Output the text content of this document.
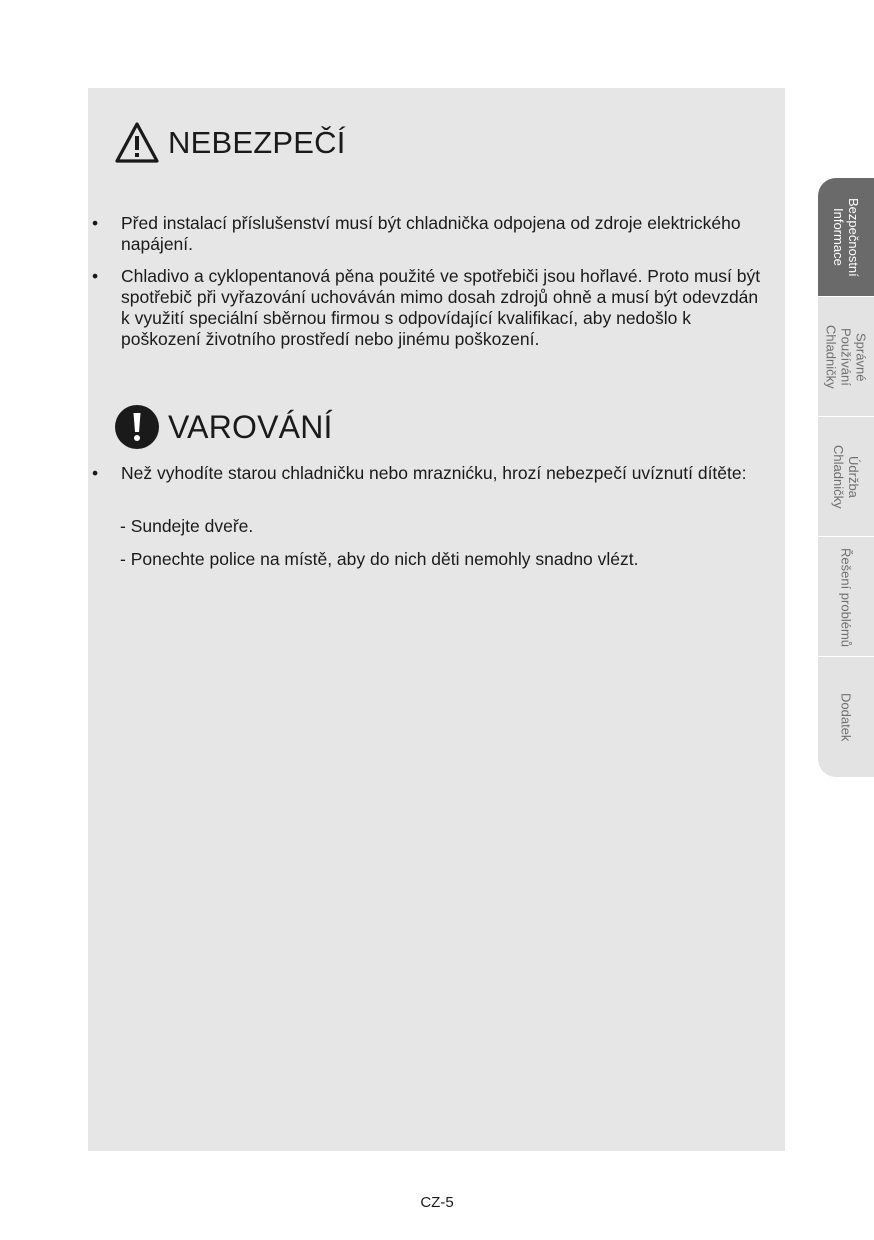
NEBEZPEČÍ
• Před instalací příslušenství musí být chladnička odpojena od zdroje elektrického napájení.
• Chladivo a cyklopentanová pěna použité ve spotřebiči jsou hořlavé. Proto musí být spotřebič při vyřazování uchováván mimo dosah zdrojů ohně a musí být odevzdán k využití speciální sběrnou firmou s odpovídající kvalifikací, aby nedošlo k poškození životního prostředí nebo jinému poškození.
VAROVÁNÍ
• Než vyhodíte starou chladničku nebo mraznićku, hrozí nebezpečí uvíznutí dítěte:
- Sundejte dveře.
- Ponechte police na místě, aby do nich děti nemohly snadno vlézt.
Bezpečnostní
Informace
Správné
Používání
Chladničky
Údržba
Chladničky
Řešení problémů
Dodatek
CZ-5
